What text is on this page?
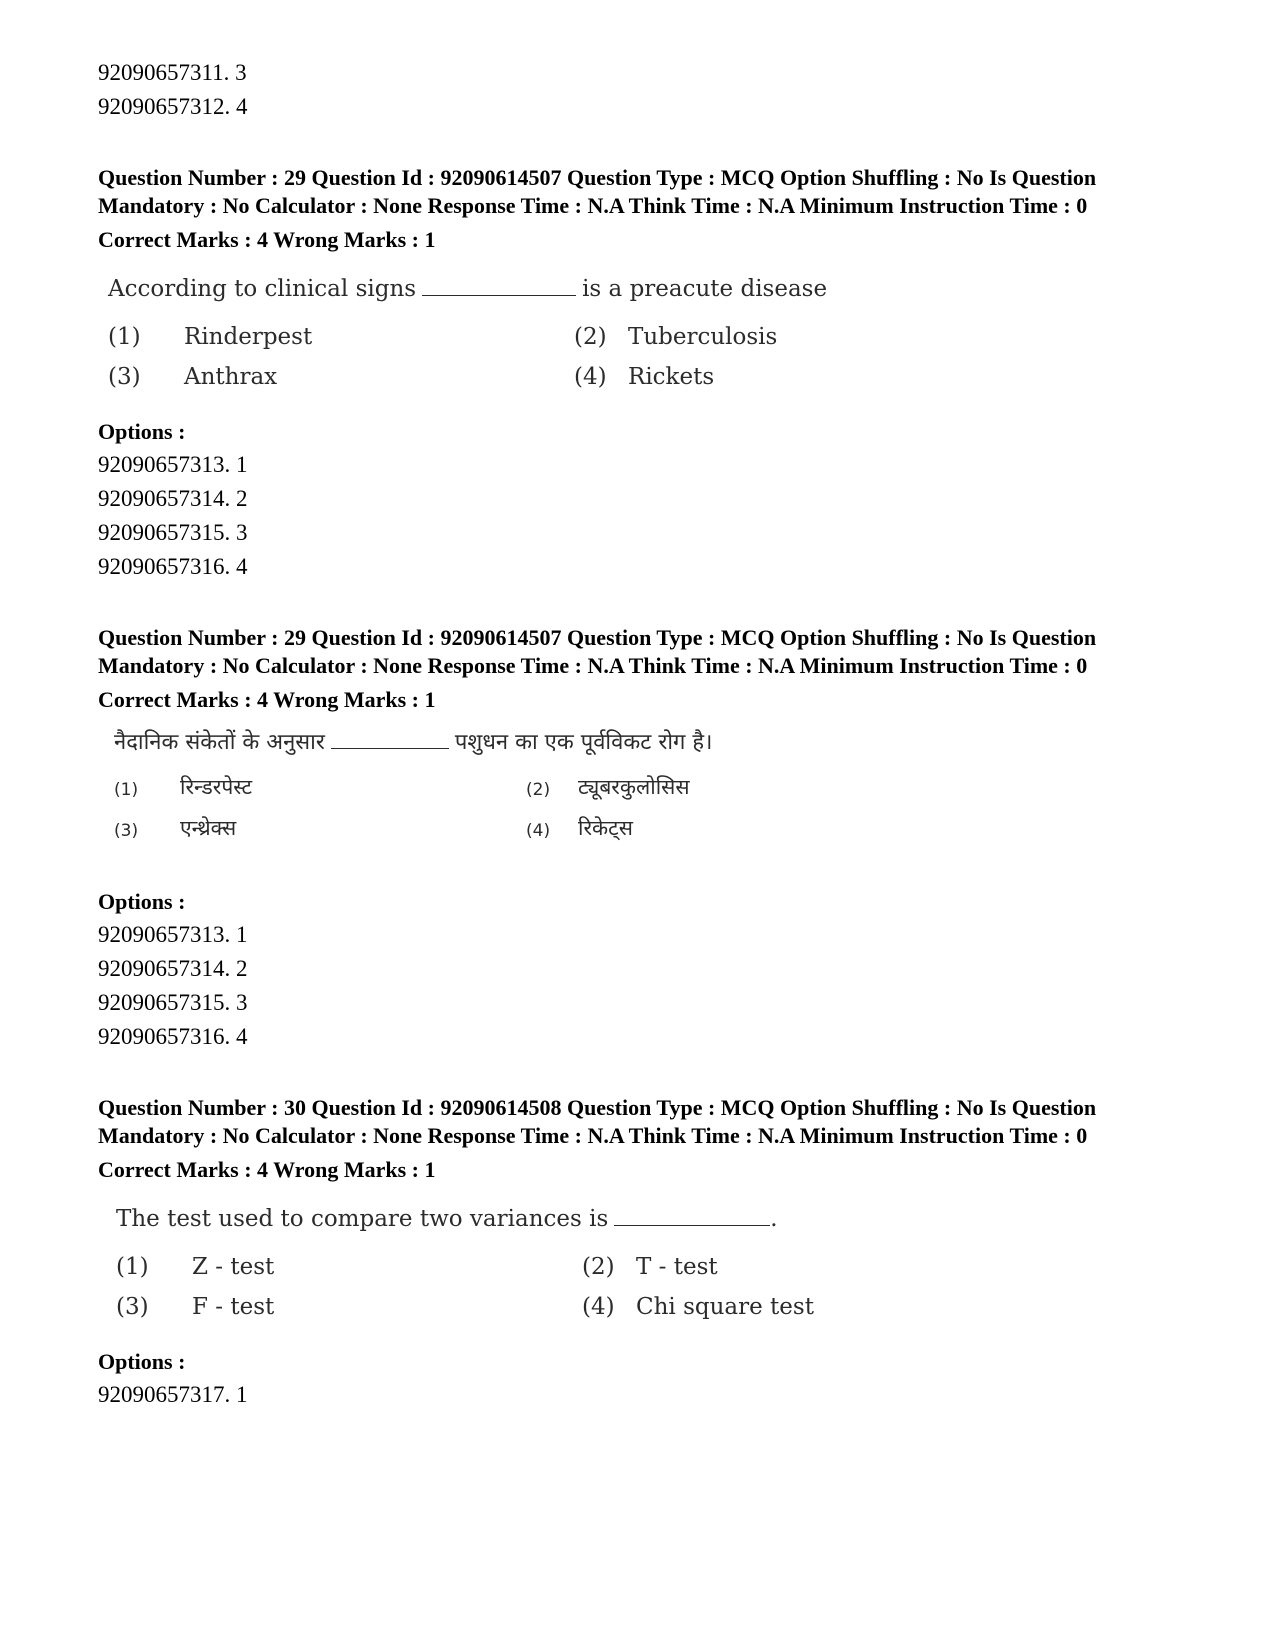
92090657311. 3

92090657312. 4

Question Number : 29 Question Id : 92090614507 Question Type : MCQ Option Shuffling : No Is Question Mandatory : No Calculator : None Response Time : N.A Think Time : N.A Minimum Instruction Time : 0

Correct Marks : 4 Wrong Marks : 1

According to clinical signs	is a preacute disease

(1)	Rinderpest	(2) Tuberculosis
(3)	Anthrax	(4) Rickets

Options :

92090657313. 1

92090657314. 2

92090657315. 3

92090657316. 4

Question Number : 29 Question Id : 92090614507 Question Type : MCQ Option Shuffling : No Is Question Mandatory : No Calculator : None Response Time : N.A Think Time : N.A Minimum Instruction Time : 0

Correct Marks : 4 Wrong Marks : 1

नैदानिक संकेतों के अनुसार	पशुधन का एक पूर्वविकट रोग है।

(1)	रिन्डरपेस्ट	(2)	ट्यूबरकुलोसिस
(3)	एन्थ्रेक्स	(4)	रिकेट्स

Options :

92090657313. 1

92090657314. 2

92090657315. 3

92090657316. 4

Question Number : 30 Question Id : 92090614508 Question Type : MCQ Option Shuffling : No Is Question Mandatory : No Calculator : None Response Time : N.A Think Time : N.A Minimum Instruction Time : 0

Correct Marks : 4 Wrong Marks : 1

The test used to compare two variances is	.

(1)	Z - test	(2) T - test
(3)	F - test	(4) Chi square test

Options :

92090657317. 1
